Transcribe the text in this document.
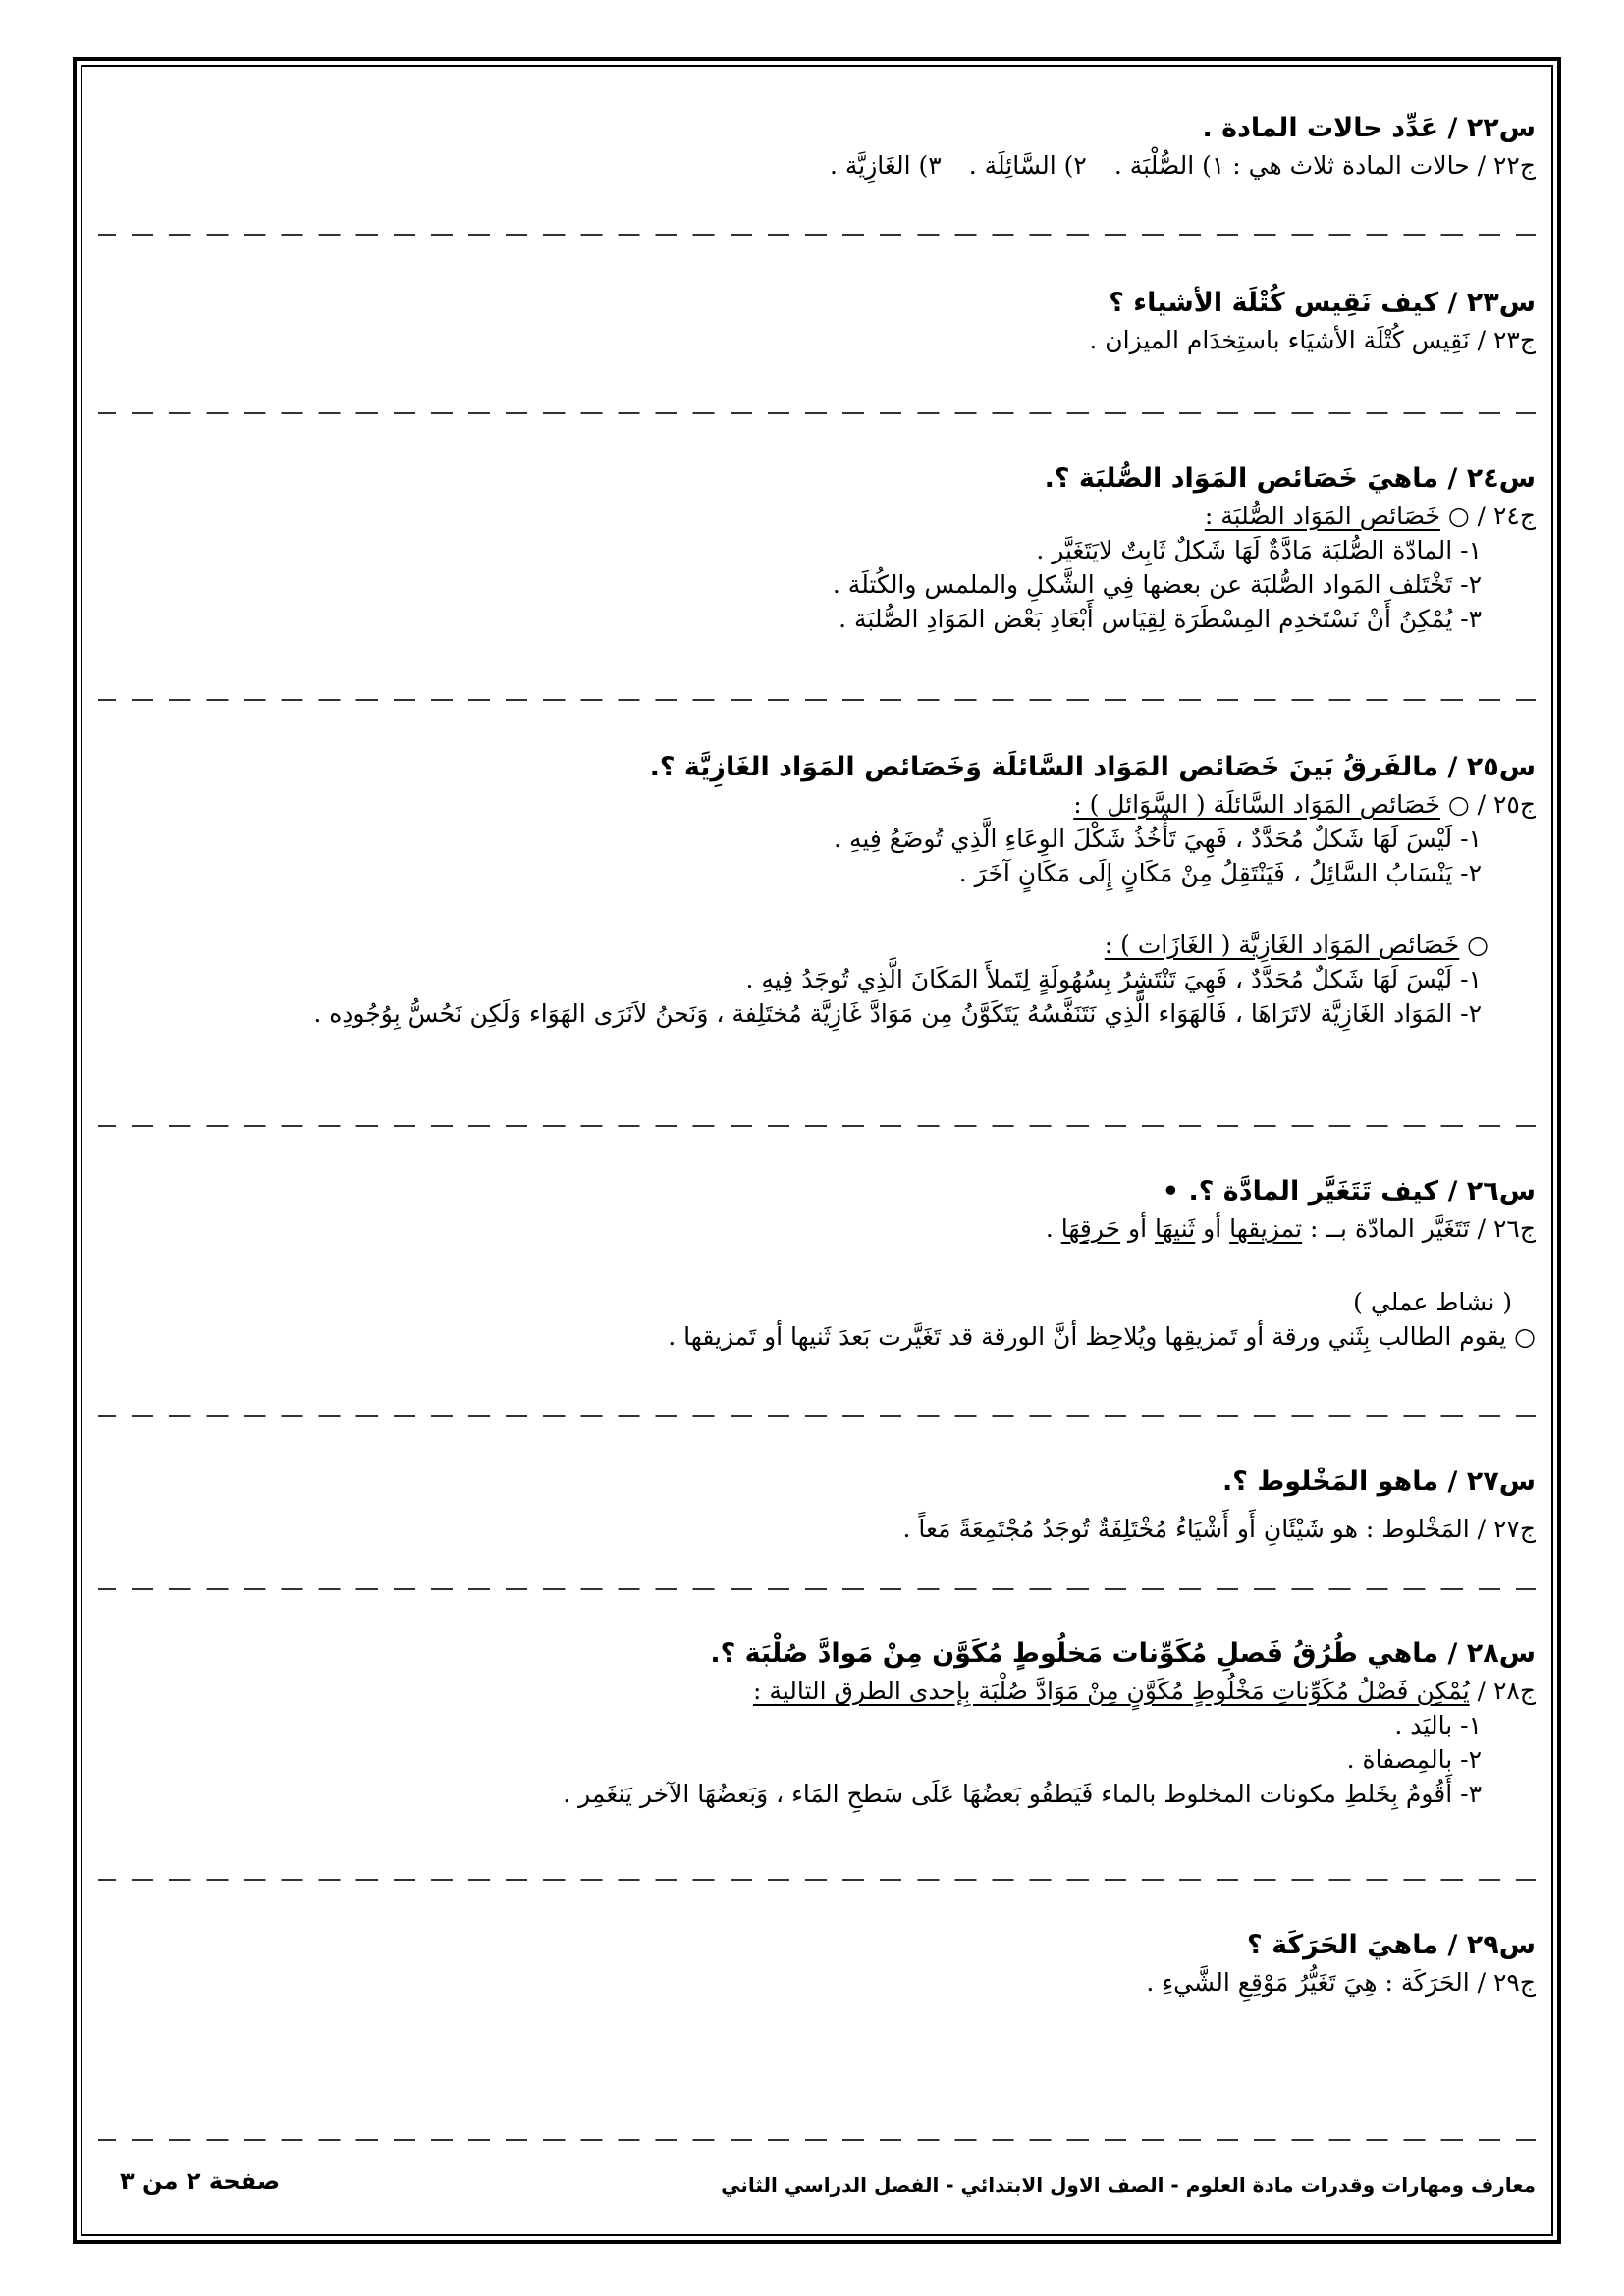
س٢٢ / عَدِّد حالات المادة .
ج٢٢ / حالات المادة ثلاث هي : ١) الصُّلْبَة .٢) السَّائِلَة .٣) الغَازِيَّة .
س٢٣ / كيف نَقِيس كُتْلَة الأشياء ؟
ج٢٣ / نَقِيس كُتْلَة الأشيَاء باستِخدَام الميزان .
س٢٤ / ماهيَ خَصَائص المَوَاد الصُّلبَة ؟.
ج٢٤ / ○ خَصَائص المَوَاد الصُّلبَة :
١- المادّة الصُّلبَة مَادَّةٌ لَهَا شَكلٌ ثَابِتٌ لايَتَغَيَّر .
٢- تَخْتَلف المَواد الصُّلبَة عن بعضها فِي الشَّكلِ والملمس والكُتلَة .
٣- يُمْكِنُ أَنْ نَسْتَخدِم المِسْطَرَة لِقِيَاس أَبْعَادِ بَعْض المَوَادِ الصُّلبَة .
س٢٥ / مالفَرقُ بَينَ خَصَائص المَوَاد السَّائلَة وَخَصَائص المَوَاد الغَازِيَّة ؟.
ج٢٥ / ○ خَصَائص المَوَاد السَّائلَة ( السَّوَائل ) :
١- لَيْسَ لَهَا شَكلٌ مُحَدَّدٌ ، فَهِيَ تَأْخُذُ شَكْلَ الوِعَاءِ الَّذِي تُوضَعُ فِيهِ .
٢- يَنْسَابُ السَّائِلُ ، فَيَنْتَقِلُ مِنْ مَكَانٍ إِلَى مَكَانٍ آخَرَ .
○ خَصَائص المَوَاد الغَازِيَّة ( الغَازَات ) :
١- لَيْسَ لَهَا شَكلٌ مُحَدَّدٌ ، فَهِيَ تَنْتَشِرُ بِسُهُولَةٍ لِتَملأَ المَكَانَ الَّذِي تُوجَدُ فِيهِ .
٢- المَوَاد الغَازِيَّة لاتَرَاهَا ، فَالهَوَاء الَّذِي نَتَنَفَّسُهُ يَتَكَوَّنُ مِن مَوَادَّ غَازِيَّة مُختَلِفة ، وَنَحنُ لاَنَرَى الهَوَاء وَلَكِن نَحُسُّ بِوُجُودِه .
س٢٦ / كيف تَتَغَيَّر المادَّة ؟. •
ج٢٦ / تَتَغَيَّر المادّة بــ : تمزيقها أو ثَنيهَا أو حَرقِهَا .
( نشاط عملي )
○ يقوم الطالب بِثَني ورقة أو تَمزيقِها ويُلاحِظ أنَّ الورقة قد تَغَيَّرت بَعدَ ثَنيها أو تَمزيقها .
س٢٧ / ماهو المَخْلوط ؟.
ج٢٧ / المَخْلوط : هو شَيْئَانِ أَو أَشْيَاءُ مُخْتَلِفَةٌ تُوجَدُ مُجْتَمِعَةً مَعاً .
س٢٨ / ماهي طُرُقُ فَصلِ مُكَوِّنات مَخلُوطٍ مُكَوَّن مِنْ مَوادَّ صُلْبَة ؟.
ج٢٨ / يُمْكِن فَصْلُ مُكَوِّناتِ مَخْلُوطٍ مُكَوَّنٍ مِنْ مَوَادَّ صُلْبَة بِإحدى الطرق التالية :
١- باليَد .
٢- بالمِصفاة .
٣- أَقُومُ بِخَلطِ مكونات المخلوط بالماء فَيَطفُو بَعضُهَا عَلَى سَطحِ المَاء ، وَبَعضُهَا الآخر يَنغَمِر .
س٢٩ / ماهيَ الحَرَكَة ؟
ج٢٩ / الحَرَكَة : هِيَ تَغَيُّرُ مَوْقِعِ الشَّيءِ .
معارف ومهارات وقدرات مادة العلوم - الصف الاول الابتدائي - الفصل الدراسي الثاني
صفحة ٢ من ٣
